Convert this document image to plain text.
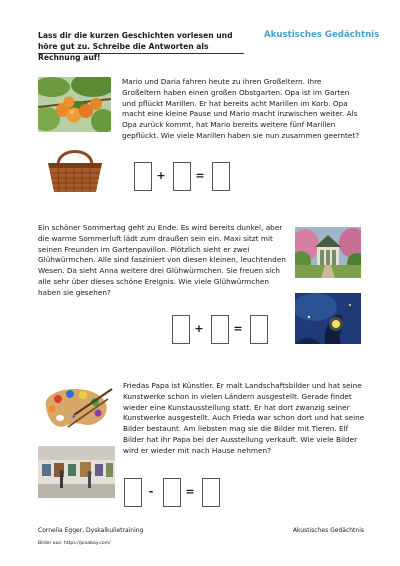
Lass dir die kurzen Geschichten vorlesen und höre gut zu. Schreibe die Antworten als Rechnung auf!
Akustisches Gedächtnis
Mario und Daria fahren heute zu ihren Großeltern. Ihre Großeltern haben einen großen Obstgarten. Opa ist im Garten und pflückt Marillen. Er hat bereits acht Marillen im Korb. Opa macht eine kleine Pause und Mario macht inzwischen weiter. Als Opa zurück kommt, hat Mario bereits weitere fünf Marillen gepflückt. Wie viele Marillen haben sie nun zusammen geerntet?
+	=
Ein schöner Sommertag geht zu Ende. Es wird bereits dunkel, aber die warme Sommerluft lädt zum draußen sein ein. Maxi sitzt mit seinen Freunden im Gartenpavillon. Plötzlich sieht er zwei Glühwürmchen. Alle sind fasziniert von diesen kleinen, leuchtenden Wesen. Da sieht Anna weitere drei Glühwürmchen. Sie freuen sich alle sehr über dieses schöne Ereignis. Wie viele Glühwürmchen haben sie gesehen?
+	=
Friedas Papa ist Künstler. Er malt Landschaftsbilder und hat seine Kunstwerke schon in vielen Ländern ausgestellt. Gerade findet wieder eine Kunstausstellung statt. Er hat dort zwanzig seiner Kunstwerke ausgestellt. Auch Frieda war schon dort und hat seine Bilder bestaunt. Am liebsten mag sie die Bilder mit Tieren. Elf Bilder hat ihr Papa bei der Ausstellung verkauft. Wie viele Bilder wird er wieder mit nach Hause nehmen?
-	=
Cornelia Egger, Dyskalkulietraining	Akustisches Gedächtnis
Bilder aus: https://pixabay.com/
